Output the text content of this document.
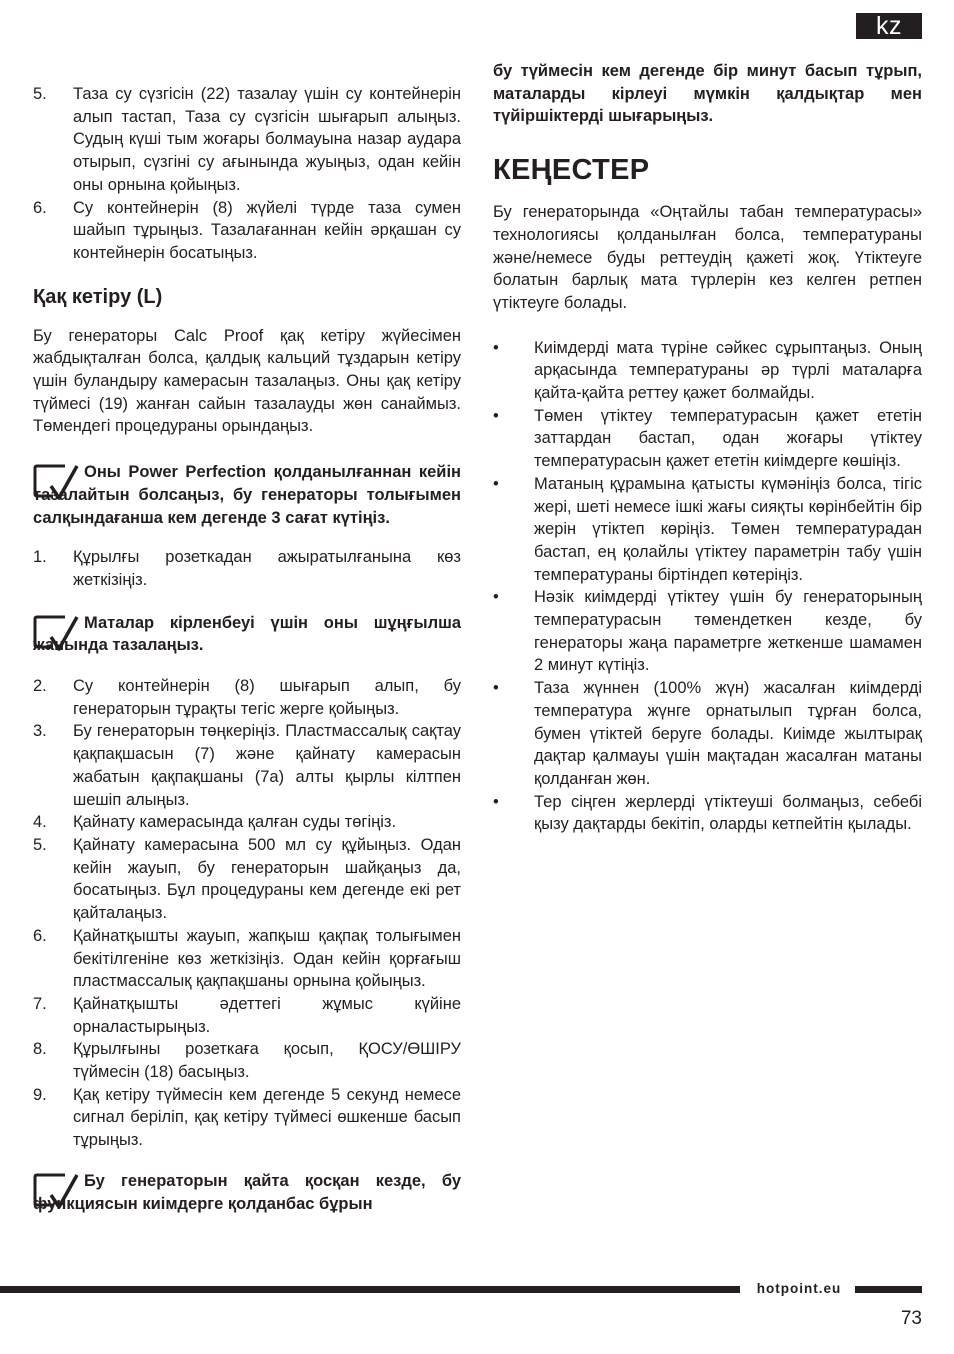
kz
5. Таза су сүзгісін (22) тазалау үшін су контейнерін алып тастап, Таза су сүзгісін шығарып алыңыз. Судың күші тым жоғары болмауына назар аудара отырып, сүзгіні су ағынында жуыңыз, одан кейін оны орнына қойыңыз.
6. Су контейнерін (8) жүйелі түрде таза сумен шайып тұрыңыз. Тазалағаннан кейін әрқашан су контейнерін босатыңыз.
Қақ кетіру (L)

Бу генераторы Calc Proof қақ кетіру жүйесімен жабдықталған болса, қалдық кальций тұздарын кетіру үшін буландыру камерасын тазалаңыз. Оны қақ кетіру түймесі (19) жанған сайын тазалауды жөн санаймыз. Төмендегі процедураны орындаңыз.

Оны Power Perfection қолданылғаннан кейін тазалайтын болсаңыз, бу генераторы толығымен салқындағанша кем дегенде 3 сағат күтіңіз.

1. Құрылғы розеткадан ажыратылғанына көз жеткізіңіз.

Маталар кірленбеуі үшін оны шұңғылша жанында тазалаңыз.

2. Су контейнерін (8) шығарып алып, бу генераторын тұрақты тегіс жерге қойыңыз.
3. Бу генераторын төңкеріңіз. Пластмассалық сақтау қақпақшасын (7) және қайнату камерасын жабатын қақпақшаны (7а) алты қырлы кілтпен шешіп алыңыз.
4. Қайнату камерасында қалған суды төгіңіз.
5. Қайнату камерасына 500 мл су құйыңыз. Одан кейін жауып, бу генераторын шайқаңыз да, босатыңыз. Бұл процедураны кем дегенде екі рет қайталаңыз.
6. Қайнатқышты жауып, жапқыш қақпақ толығымен бекітілгеніне көз жеткізіңіз. Одан кейін қорғағыш пластмассалық қақпақшаны орнына қойыңыз.
7. Қайнатқышты әдеттегі жұмыс күйіне орналастырыңыз.
8. Құрылғыны розеткаға қосып, ҚОСУ/ӨШІРУ түймесін (18) басыңыз.
9. Қақ кетіру түймесін кем дегенде 5 секунд немесе сигнал беріліп, қақ кетіру түймесі өшкенше басып тұрыңыз.

Бу генераторын қайта қосқан кезде, бу функциясын киімдерге қолданбас бұрын

бу түймесін кем дегенде бір минут басып тұрып, маталарды кірлеуі мүмкін қалдықтар мен түйіршіктерді шығарыңыз.

КЕҢЕСТЕР

Бу генераторында «Оңтайлы табан температурасы» технологиясы қолданылған болса, температураны және/немесе буды реттеудің қажеті жоқ. Үтіктеуге болатын барлық мата түрлерін кез келген ретпен үтіктеуге болады.

• Киімдерді мата түріне сәйкес сұрыптаңыз. Оның арқасында температураны әр түрлі маталарға қайта-қайта реттеу қажет болмайды.
• Төмен үтіктеу температурасын қажет ететін заттардан бастап, одан жоғары үтіктеу температурасын қажет ететін киімдерге көшіңіз.
• Матаның құрамына қатысты күмәніңіз болса, тігіс жері, шеті немесе ішкі жағы сияқты көрінбейтін бір жерін үтіктеп көріңіз. Төмен температурадан бастап, ең қолайлы үтіктеу параметрін табу үшін температураны біртіндеп көтеріңіз.
• Нәзік киімдерді үтіктеу үшін бу генераторының температурасын төмендеткен кезде, бу генераторы жаңа параметрге жеткенше шамамен 2 минут күтіңіз.
• Таза жүннен (100% жүн) жасалған киімдерді температура жүнге орнатылып тұрған болса, бумен үтіктей беруге болады. Киімде жылтырақ дақтар қалмауы үшін мақтадан жасалған матаны қолданған жөн.
• Тер сіңген жерлерді үтіктеуші болмаңыз, себебі қызу дақтарды бекітіп, оларды кетпейтін қылады.
hotpoint.eu
73
